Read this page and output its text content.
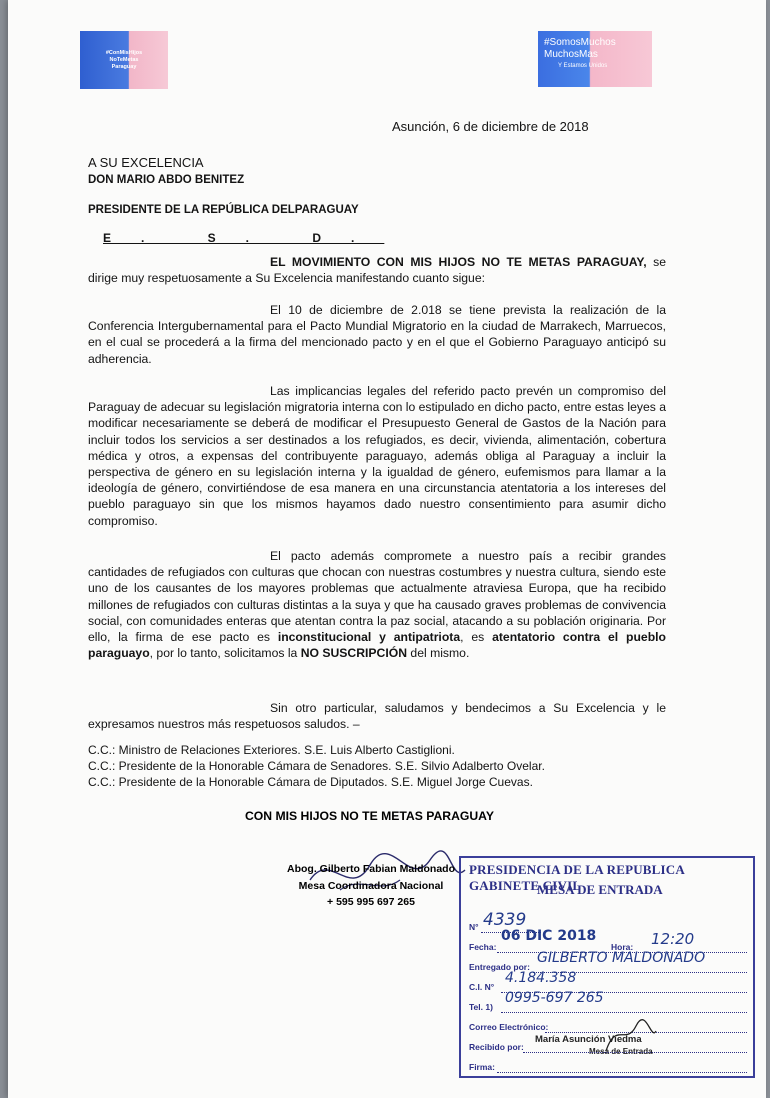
#ConMisHijos
NoTeMetas
Paraguay
#SomosMuchos
MuchosMas
Y Estamos Unidos
Asunción, 6 de diciembre de 2018
A SU EXCELENCIA
DON MARIO ABDO BENITEZ
PRESIDENTE DE LA REPÚBLICA DELPARAGUAY
E. S. D.
EL MOVIMIENTO CON MIS HIJOS NO TE METAS PARAGUAY, se dirige muy respetuosamente a Su Excelencia manifestando cuanto sigue:
El 10 de diciembre de 2.018 se tiene prevista la realización de la Conferencia Intergubernamental para el Pacto Mundial Migratorio en la ciudad de Marrakech, Marruecos, en el cual se procederá a la firma del mencionado pacto y en el que el Gobierno Paraguayo anticipó su adherencia.
Las implicancias legales del referido pacto prevén un compromiso del Paraguay de adecuar su legislación migratoria interna con lo estipulado en dicho pacto, entre estas leyes a modificar necesariamente se deberá de modificar el Presupuesto General de Gastos de la Nación para incluir todos los servicios a ser destinados a los refugiados, es decir, vivienda, alimentación, cobertura médica y otros, a expensas del contribuyente paraguayo, además obliga al Paraguay a incluir la perspectiva de género en su legislación interna y la igualdad de género, eufemismos para llamar a la ideología de género, convirtiéndose de esa manera en una circunstancia atentatoria a los intereses del pueblo paraguayo sin que los mismos hayamos dado nuestro consentimiento para asumir dicho compromiso.
El pacto además compromete a nuestro país a recibir grandes cantidades de refugiados con culturas que chocan con nuestras costumbres y nuestra cultura, siendo este uno de los causantes de los mayores problemas que actualmente atraviesa Europa, que ha recibido millones de refugiados con culturas distintas a la suya y que ha causado graves problemas de convivencia social, con comunidades enteras que atentan contra la paz social, atacando a su población originaria. Por ello, la firma de ese pacto es inconstitucional y antipatriota, es atentatorio contra el pueblo paraguayo, por lo tanto, solicitamos la NO SUSCRIPCIÓN del mismo.
Sin otro particular, saludamos y bendecimos a Su Excelencia y le expresamos nuestros más respetuosos saludos. –
C.C.: Ministro de Relaciones Exteriores. S.E. Luis Alberto Castiglioni.
C.C.: Presidente de la Honorable Cámara de Senadores. S.E. Silvio Adalberto Ovelar.
C.C.: Presidente de la Honorable Cámara de Diputados. S.E. Miguel Jorge Cuevas.
CON MIS HIJOS NO TE METAS PARAGUAY
Abog. Gilberto Fabian Maldonado
Mesa Coordinadora Nacional
+ 595 995 697 265
PRESIDENCIA DE LA REPUBLICA GABINETE CIVIL
MESA DE ENTRADA
N° 4339
Fecha:
06 DIC 2018
Hora: 12:20
Entregado por:
GILBERTO MALDONADO
C.I. N°
4.184.358
Tel. 1)
0995-697 265
Correo Electrónico:
Recibido por:
María Asunción Viedma
Mesa de Entrada
Firma:
